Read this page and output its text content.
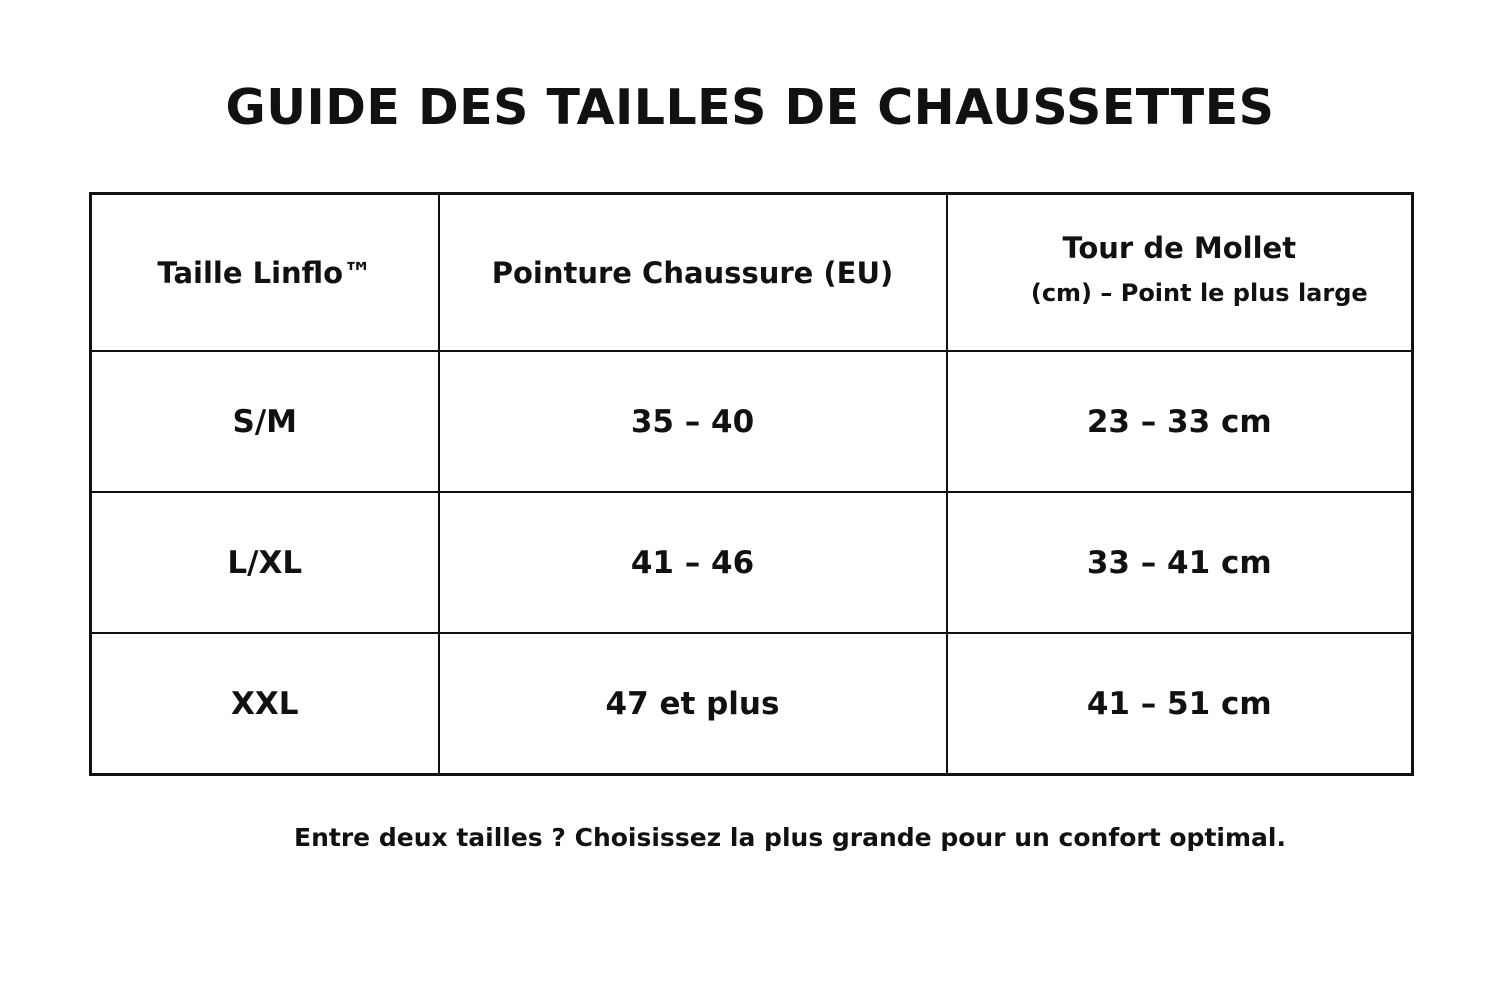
GUIDE DES TAILLES DE CHAUSSETTES
Taille Linflo™	Pointure Chaussure (EU)	Tour de Mollet
(cm) – Point le plus large

S/M	35 – 40	23 – 33 cm
L/XL	41 – 46	33 – 41 cm
XXL	47 et plus	41 – 51 cm

Entre deux tailles ? Choisissez la plus grande pour un confort optimal.
